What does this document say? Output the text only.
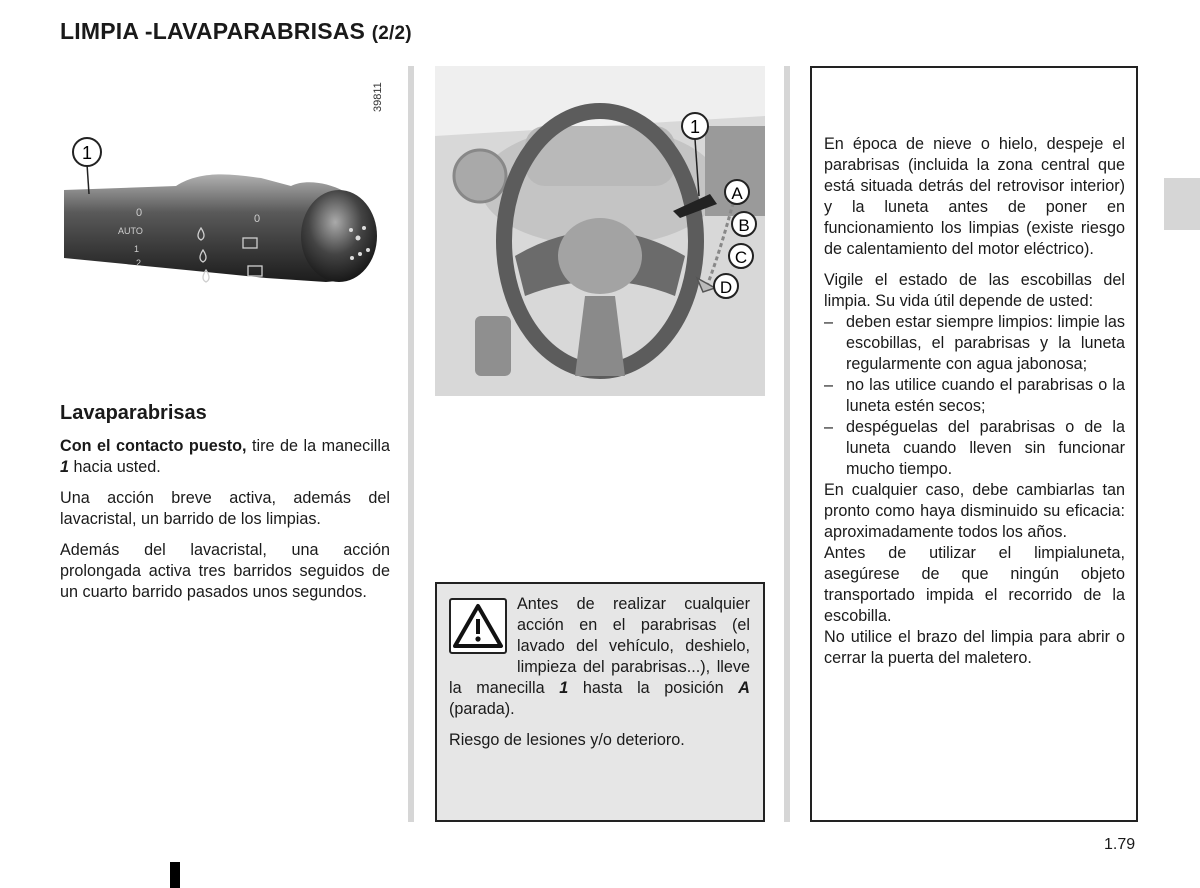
LIMPIA -LAVAPARABRISAS (2/2)
39811
AUTO
1
2
0	0
1
Lavaparabrisas

Con el contacto puesto, tire de la manecilla 1 hacia usted.

Una acción breve activa, además del lavacristal, un barrido de los limpias.

Además del lavacristal, una acción prolongada activa tres barridos seguidos de un cuarto barrido pasados unos segundos.

1
A
B
C
D
Antes de realizar cualquier acción en el parabrisas (el lavado del vehículo, deshielo, limpieza del parabrisas...), lleve la manecilla 1 hasta la posición A (parada).
Riesgo de lesiones y/o deterioro.

En época de nieve o hielo, despeje el parabrisas (incluida la zona central que está situada detrás del retrovisor interior) y la luneta antes de poner en funcionamiento los limpias (existe riesgo de calentamiento del motor eléctrico).

Vigile el estado de las escobillas del limpia. Su vida útil depende de usted:

– deben estar siempre limpios: limpie las escobillas, el parabrisas y la luneta regularmente con agua jabonosa;
– no las utilice cuando el parabrisas o la luneta estén secos;
– despéguelas del parabrisas o de la luneta cuando lleven sin funcionar mucho tiempo.

En cualquier caso, debe cambiarlas tan pronto como haya disminuido su eficacia: aproximadamente todos los años.

Antes de utilizar el limpialuneta, asegúrese de que ningún objeto transportado impida el recorrido de la escobilla.

No utilice el brazo del limpia para abrir o cerrar la puerta del maletero.

1.79
